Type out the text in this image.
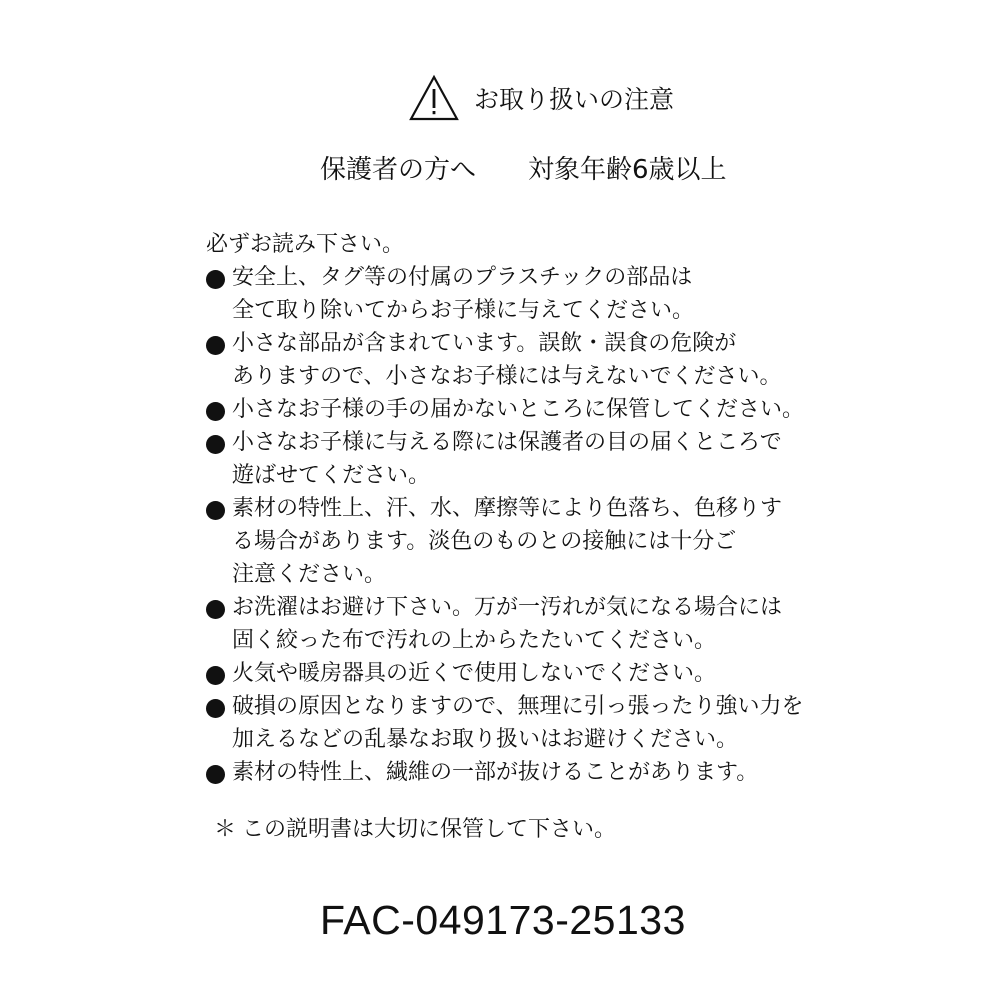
お取り扱いの注意
保護者の方へ 対象年齢6歳以上
必ずお読み下さい。
安全上、タグ等の付属のプラスチックの部品は
全て取り除いてからお子様に与えてください。
小さな部品が含まれています。誤飲・誤食の危険が
ありますので、小さなお子様には与えないでください。
小さなお子様の手の届かないところに保管してください。
小さなお子様に与える際には保護者の目の届くところで
遊ばせてください。
素材の特性上、汗、水、摩擦等により色落ち、色移りす
る場合があります。淡色のものとの接触には十分ご
注意ください。
お洗濯はお避け下さい。万が一汚れが気になる場合には
固く絞った布で汚れの上からたたいてください。
火気や暖房器具の近くで使用しないでください。
破損の原因となりますので、無理に引っ張ったり強い力を
加えるなどの乱暴なお取り扱いはお避けください。
素材の特性上、繊維の一部が抜けることがあります。
＊ この説明書は大切に保管して下さい。
FAC-049173-25133
